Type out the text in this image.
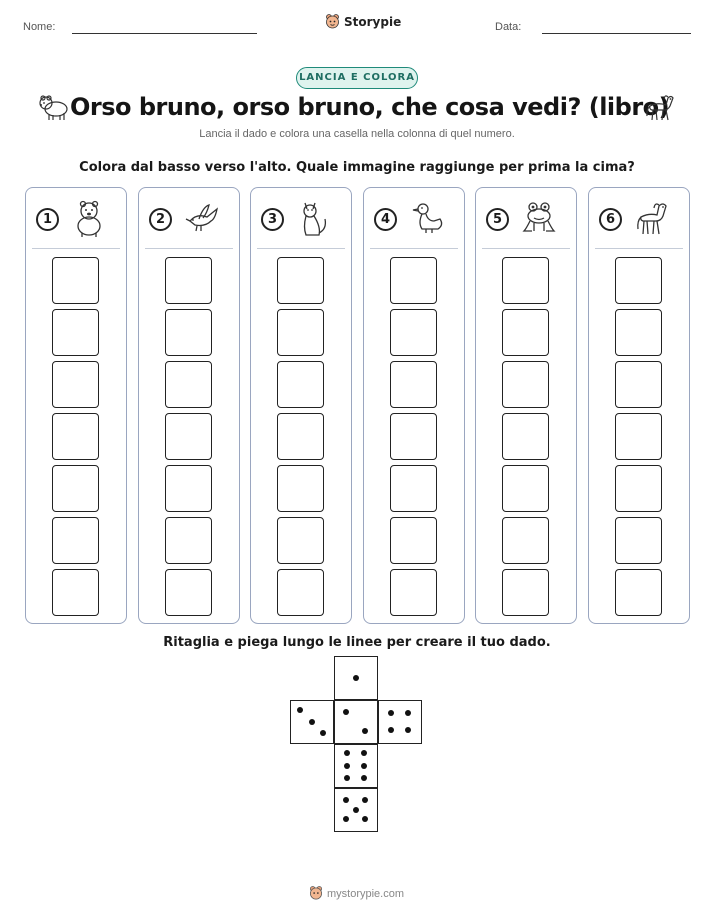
Nome:	Storypie	Data:
LANCIA E COLORA
Orso bruno, orso bruno, che cosa vedi? (libro)
Lancia il dado e colora una casella nella colonna di quel numero.
Colora dal basso verso l'alto. Quale immagine raggiunge per prima la cima?
1	2	3	4	5	6
Ritaglia e piega lungo le linee per creare il tuo dado.
mystorypie.com
